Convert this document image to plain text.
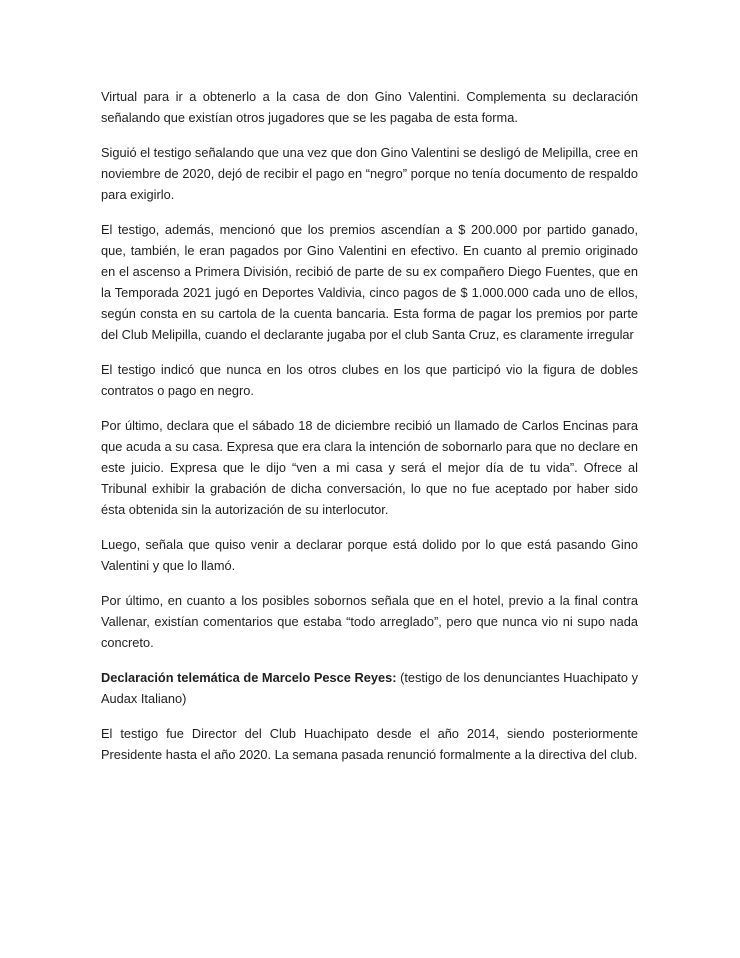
Virtual para ir a obtenerlo a la casa de don Gino Valentini. Complementa su declaración señalando que existían otros jugadores que se les pagaba de esta forma.

Siguió el testigo señalando que una vez que don Gino Valentini se desligó de Melipilla, cree en noviembre de 2020, dejó de recibir el pago en “negro” porque no tenía documento de respaldo para exigirlo.

El testigo, además, mencionó que los premios ascendían a $ 200.000 por partido ganado, que, también, le eran pagados por Gino Valentini en efectivo. En cuanto al premio originado en el ascenso a Primera División, recibió de parte de su ex compañero Diego Fuentes, que en la Temporada 2021 jugó en Deportes Valdivia, cinco pagos de $ 1.000.000 cada uno de ellos, según consta en su cartola de la cuenta bancaria. Esta forma de pagar los premios por parte del Club Melipilla, cuando el declarante jugaba por el club Santa Cruz, es claramente irregular

El testigo indicó que nunca en los otros clubes en los que participó vio la figura de dobles contratos o pago en negro.

Por último, declara que el sábado 18 de diciembre recibió un llamado de Carlos Encinas para que acuda a su casa. Expresa que era clara la intención de sobornarlo para que no declare en este juicio. Expresa que le dijo “ven a mi casa y será el mejor día de tu vida”. Ofrece al Tribunal exhibir la grabación de dicha conversación, lo que no fue aceptado por haber sido ésta obtenida sin la autorización de su interlocutor.

Luego, señala que quiso venir a declarar porque está dolido por lo que está pasando Gino Valentini y que lo llamó.

Por último, en cuanto a los posibles sobornos señala que en el hotel, previo a la final contra Vallenar, existían comentarios que estaba “todo arreglado”, pero que nunca vio ni supo nada concreto.

Declaración telemática de Marcelo Pesce Reyes: (testigo de los denunciantes Huachipato y Audax Italiano)

El testigo fue Director del Club Huachipato desde el año 2014, siendo posteriormente Presidente hasta el año 2020. La semana pasada renunció formalmente a la directiva del club.
